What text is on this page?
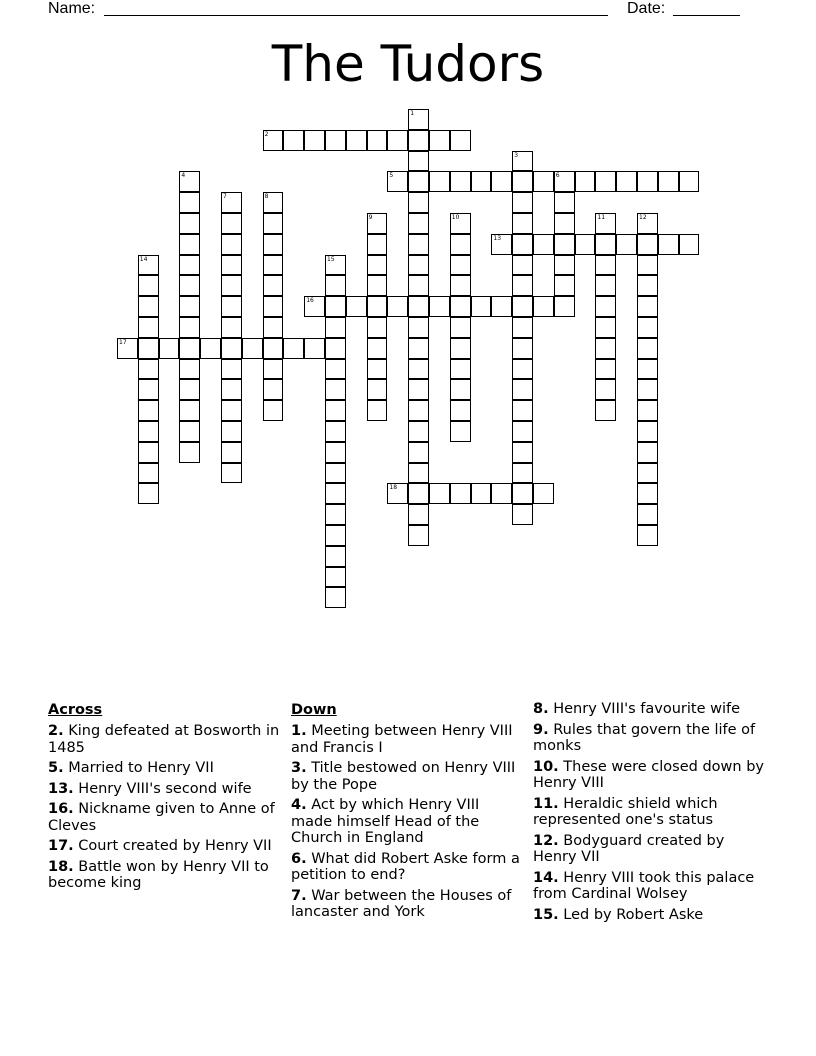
Name:	Date:
The Tudors
1
2
3
4	5	6
7	8
9	10	11	12
13
14	15
16
17
18
Across
2. King defeated at Bosworth in 1485
5. Married to Henry VII
13. Henry VIII's second wife
16. Nickname given to Anne of Cleves
17. Court created by Henry VII
18. Battle won by Henry VII to become king
Down
1. Meeting between Henry VIII and Francis I
3. Title bestowed on Henry VIII by the Pope
4. Act by which Henry VIII made himself Head of the Church in England
6. What did Robert Aske form a petition to end?
7. War between the Houses of lancaster and York
8. Henry VIII's favourite wife
9. Rules that govern the life of monks
10. These were closed down by Henry VIII
11. Heraldic shield which represented one's status
12. Bodyguard created by Henry VII
14. Henry VIII took this palace from Cardinal Wolsey
15. Led by Robert Aske
